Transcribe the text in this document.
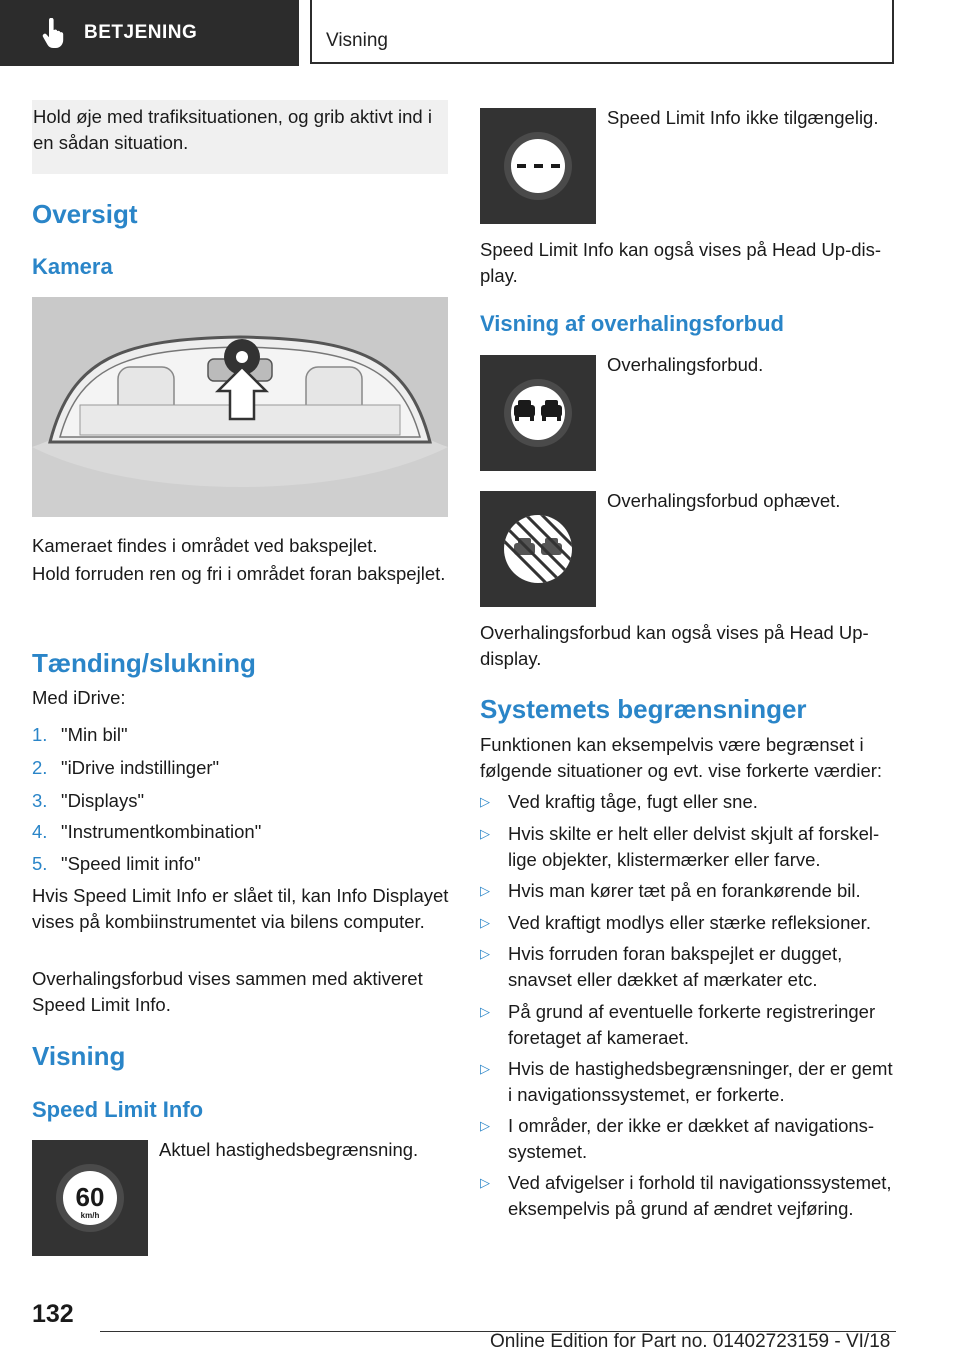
BETJENING	Visning
Hold øje med trafiksituationen, og grib aktivt ind i en sådan situation.
Oversigt
Kamera
Kameraet findes i området ved bakspejlet.
Hold forruden ren og fri i området foran bakspejlet.
Tænding/slukning
Med iDrive:
1. "Min bil"
2. "iDrive indstillinger"
3. "Displays"
4. "Instrumentkombination"
5. "Speed limit info"
Hvis Speed Limit Info er slået til, kan Info Displayet vises på kombiinstrumentet via bilens computer.
Overhalingsforbud vises sammen med aktiveret Speed Limit Info.
Visning
Speed Limit Info
60
km/h
Aktuel hastighedsbegrænsning.
Speed Limit Info ikke tilgængelig.
Speed Limit Info kan også vises på Head Up-display.
Visning af overhalingsforbud
Overhalingsforbud.
Overhalingsforbud ophævet.
Overhalingsforbud kan også vises på Head Up-display.
Systemets begrænsninger
Funktionen kan eksempelvis være begrænset i følgende situationer og evt. vise forkerte værdier:
▷ Ved kraftig tåge, fugt eller sne.
▷ Hvis skilte er helt eller delvist skjult af forskellige objekter, klistermærker eller farve.
▷ Hvis man kører tæt på en forankørende bil.
▷ Ved kraftigt modlys eller stærke refleksioner.
▷ Hvis forruden foran bakspejlet er dugget, snavset eller dækket af mærkater etc.
▷ På grund af eventuelle forkerte registreringer foretaget af kameraet.
▷ Hvis de hastighedsbegrænsninger, der er gemt i navigationssystemet, er forkerte.
▷ I områder, der ikke er dækket af navigationssystemet.
▷ Ved afvigelser i forhold til navigationssystemet, eksempelvis på grund af ændret vejføring.
132
Online Edition for Part no. 01402723159 - VI/18
